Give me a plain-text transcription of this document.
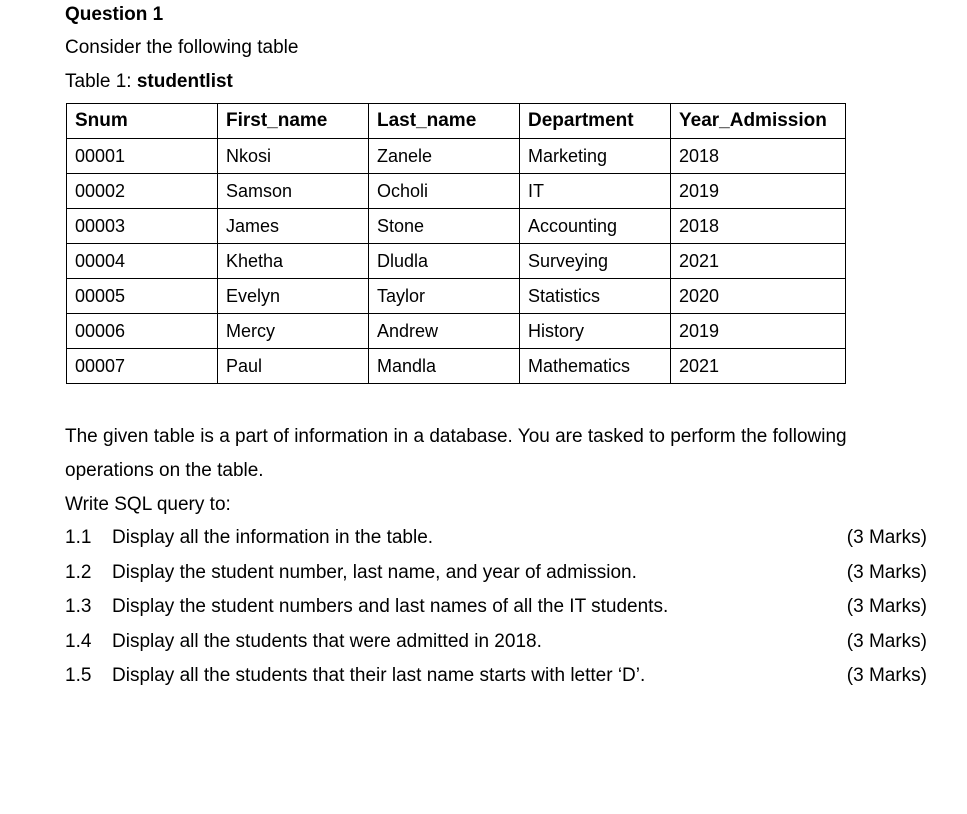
Question 1
Consider the following table
Table 1: studentlist
Snum	First_name	Last_name	Department	Year_Admission
00001	Nkosi	Zanele	Marketing	2018
00002	Samson	Ocholi	IT	2019
00003	James	Stone	Accounting	2018
00004	Khetha	Dludla	Surveying	2021
00005	Evelyn	Taylor	Statistics	2020
00006	Mercy	Andrew	History	2019
00007	Paul	Mandla	Mathematics	2021
The given table is a part of information in a database. You are tasked to perform the following operations on the table.
Write SQL query to:
1.1 Display all the information in the table.	(3 Marks)
1.2 Display the student number, last name, and year of admission.	(3 Marks)
1.3 Display the student numbers and last names of all the IT students.	(3 Marks)
1.4 Display all the students that were admitted in 2018.	(3 Marks)
1.5 Display all the students that their last name starts with letter ‘D’.	(3 Marks)
